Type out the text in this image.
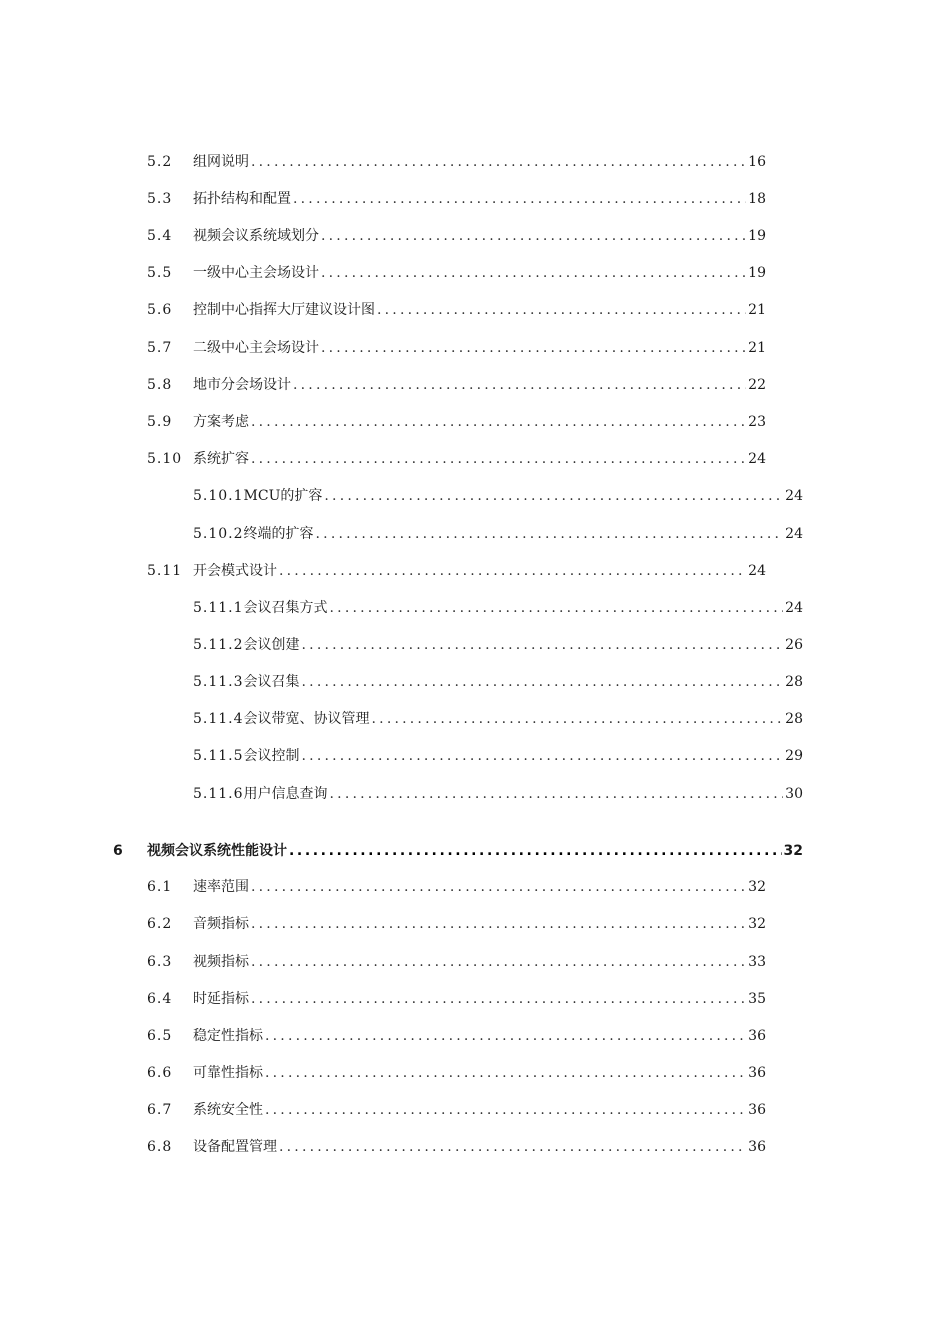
5.2	组网说明 .....	16
5.3	拓扑结构和配置 .....	18
5.4	视频会议系统域划分 .....	19
5.5	一级中心主会场设计 .....	19
5.6	控制中心指挥大厅建议设计图 .....	21
5.7	二级中心主会场设计 .....	21
5.8	地市分会场设计 .....	22
5.9	方案考虑 .....	23
5.10 系统扩容 .....	24
5.10.1 MCU的扩容 .....	24
5.10.2 终端的扩容 .....	24
5.11 开会模式设计 .....	24
5.11.1 会议召集方式 .....	24
5.11.2 会议创建 .....	26
5.11.3 会议召集 .....	28
5.11.4 会议带宽、协议管理 .....	28
5.11.5 会议控制 .....	29
5.11.6 用户信息查询 .....	30
6	视频会议系统性能设计 .....	32
6.1	速率范围 .....	32
6.2	音频指标 .....	32
6.3	视频指标 .....	33
6.4	时延指标 .....	35
6.5	稳定性指标 .....	36
6.6	可靠性指标 .....	36
6.7	系统安全性 .....	36
6.8	设备配置管理 .....	36
